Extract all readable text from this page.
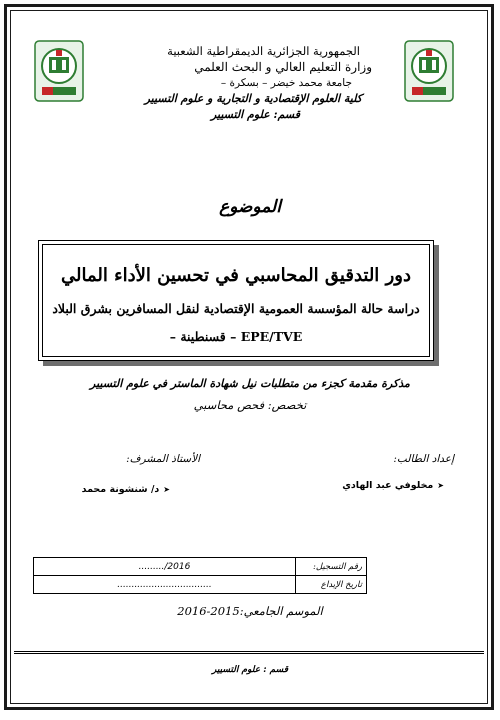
الجمهورية الجزائرية الديمقراطية الشعبية
وزارة التعليم العالي و البحث العلمي
جامعة محمد خيضر – بسكرة –
كلية العلوم الإقتصادية و التجارية و علوم التسيير
قسم: علوم التسيير
الموضوع
دور التدقيق المحاسبي في تحسين الأداء المالي
دراسة حالة المؤسسة العمومية الإقتصادية لنقل المسافرين بشرق البلاد
EPE/TVE – قسنطينة –
مذكرة مقدمة كجزء من متطلبات نيل شهادة الماستر في علوم التسيير
تخصص: فحص محاسبي
إعداد الطالب:
الأستاذ المشرف:
➤مخلوفي عبد الهادي
➤د/ شنشونة محمد
........./2016	رقم التسجيل:
.................................	تاريخ الإيداع
الموسم الجامعي:2015-2016
قسم : علوم التسيير
